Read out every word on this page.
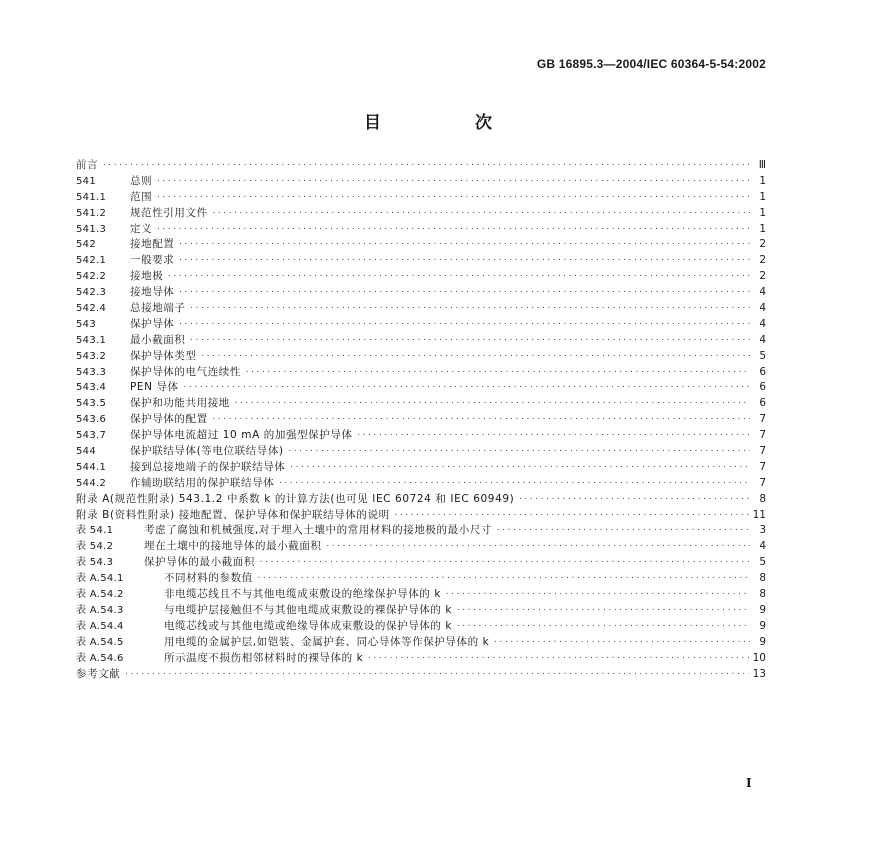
GB 16895.3—2004/IEC 60364-5-54:2002
目 次
前言 ·····	Ⅲ
541	总则 ·····	1
541.1	范围 ·····	1
541.2	规范性引用文件 ·····	1
541.3	定义 ·····	1
542	接地配置 ·····	2
542.1	一般要求 ·····	2
542.2	接地极 ·····	2
542.3	接地导体 ·····	4
542.4	总接地端子 ·····	4
543	保护导体 ·····	4
543.1	最小截面积 ·····	4
543.2	保护导体类型 ·····	5
543.3	保护导体的电气连续性 ·····	6
543.4	PEN 导体 ·····	6
543.5	保护和功能共用接地 ·····	6
543.6	保护导体的配置 ·····	7
543.7	保护导体电流超过 10 mA 的加强型保护导体 ·····	7
544	保护联结导体(等电位联结导体) ·····	7
544.1	接到总接地端子的保护联结导体 ·····	7
544.2	作辅助联结用的保护联结导体 ·····	7
附录 A(规范性附录) 543.1.2 中系数 k 的计算方法(也可见 IEC 60724 和 IEC 60949) ·····	8
附录 B(资料性附录) 接地配置、保护导体和保护联结导体的说明 ·····	11
表 54.1	考虑了腐蚀和机械强度,对于埋入土壤中的常用材料的接地极的最小尺寸 ·····	3
表 54.2	埋在土壤中的接地导体的最小截面积 ·····	4
表 54.3	保护导体的最小截面积 ·····	5
表 A.54.1	不同材料的参数值 ·····	8
表 A.54.2	非电缆芯线且不与其他电缆成束敷设的绝缘保护导体的 k ·····	8
表 A.54.3	与电缆护层接触但不与其他电缆成束敷设的裸保护导体的 k ·····	9
表 A.54.4	电缆芯线或与其他电缆或绝缘导体成束敷设的保护导体的 k ·····	9
表 A.54.5	用电缆的金属护层,如铠装、金属护套、同心导体等作保护导体的 k ·····	9
表 A.54.6	所示温度不损伤相邻材料时的裸导体的 k ·····	10
参考文献 ·····	13
Ⅰ
